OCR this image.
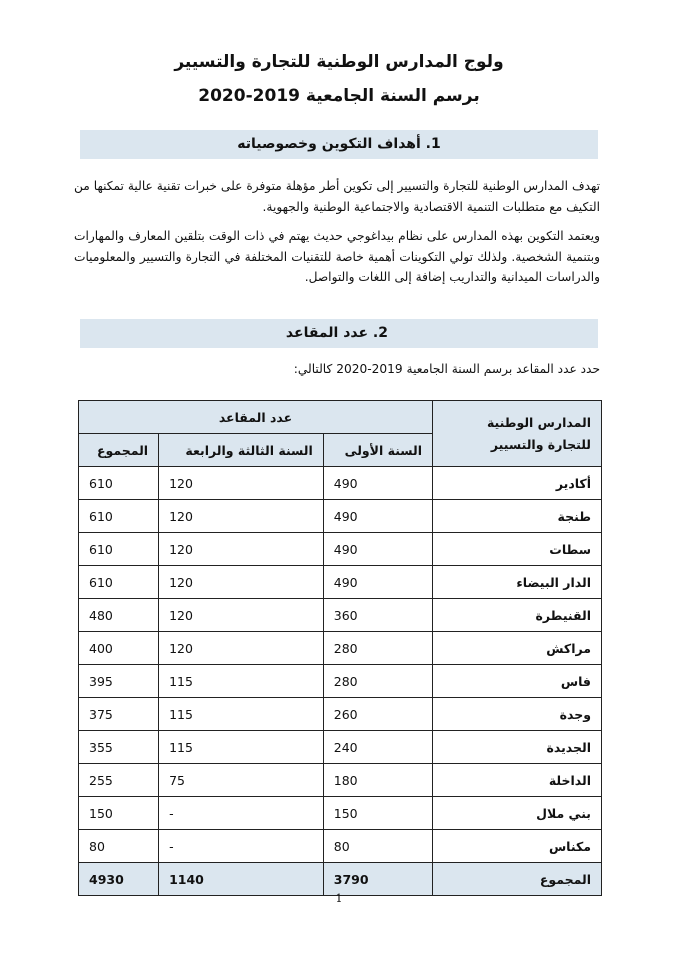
ولوج المدارس الوطنية للتجارة والتسيير
برسم السنة الجامعية 2019-2020
1. أهداف التكوين وخصوصياته
تهدف المدارس الوطنية للتجارة والتسيير إلى تكوين أطر مؤهلة متوفرة على خبرات تقنية عالية تمكنها من التكيف مع متطلبات التنمية الاقتصادية والاجتماعية الوطنية والجهوية.
ويعتمد التكوين بهذه المدارس على نظام بيداغوجي حديث يهتم في ذات الوقت بتلقين المعارف والمهارات وبتنمية الشخصية. ولذلك تولي التكوينات أهمية خاصة للتقنيات المختلفة في التجارة والتسيير والمعلوميات والدراسات الميدانية والتداريب إضافة إلى اللغات والتواصل.
2. عدد المقاعد
حدد عدد المقاعد برسم السنة الجامعية 2019-2020 كالتالي:
المدارس الوطنية للتجارة والتسيير	عدد المقاعد		
	السنة الأولى	السنة الثالثة والرابعة	المجموع
أكادير	490	120	610
طنجة	490	120	610
سطات	490	120	610
الدار البيضاء	490	120	610
القنيطرة	360	120	480
مراكش	280	120	400
فاس	280	115	395
وجدة	260	115	375
الجديدة	240	115	355
الداخلة	180	75	255
بني ملال	150	-	150
مكناس	80	-	80
المجموع	3790	1140	4930
1
